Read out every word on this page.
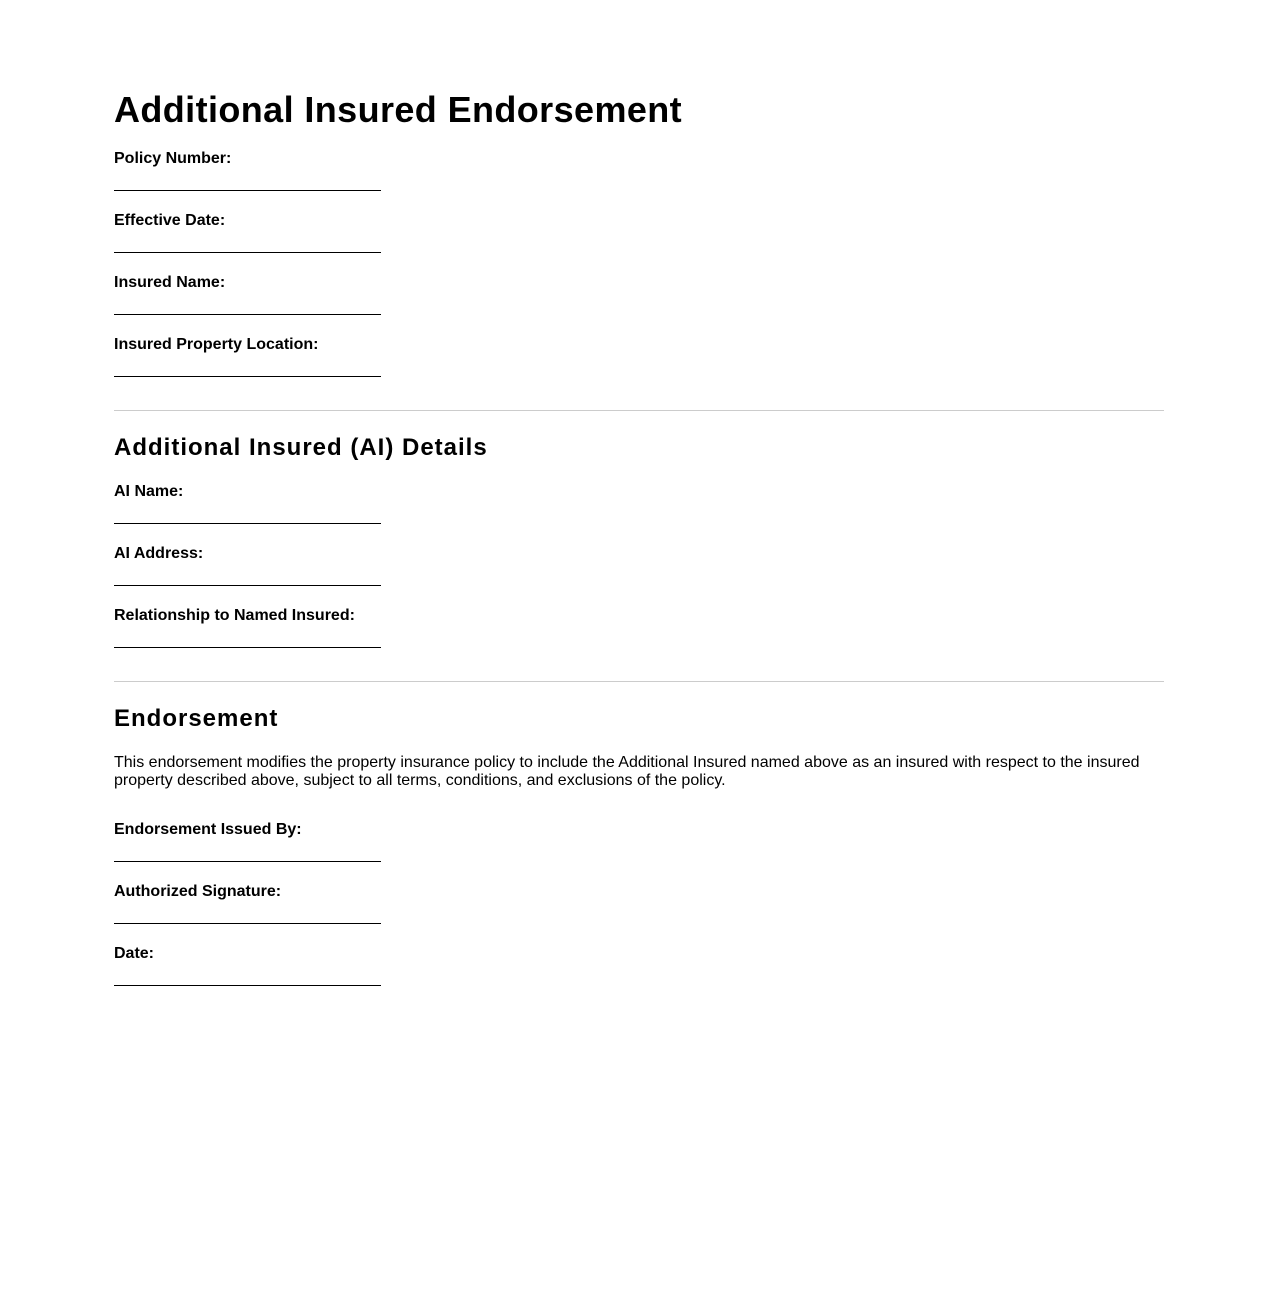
Additional Insured Endorsement
Policy Number:
Effective Date:
Insured Name:
Insured Property Location:
Additional Insured (AI) Details
AI Name:
AI Address:
Relationship to Named Insured:
Endorsement

This endorsement modifies the property insurance policy to include the Additional Insured named above as an insured with respect to the insured property described above, subject to all terms, conditions, and exclusions of the policy.

Endorsement Issued By:
Authorized Signature:
Date:
